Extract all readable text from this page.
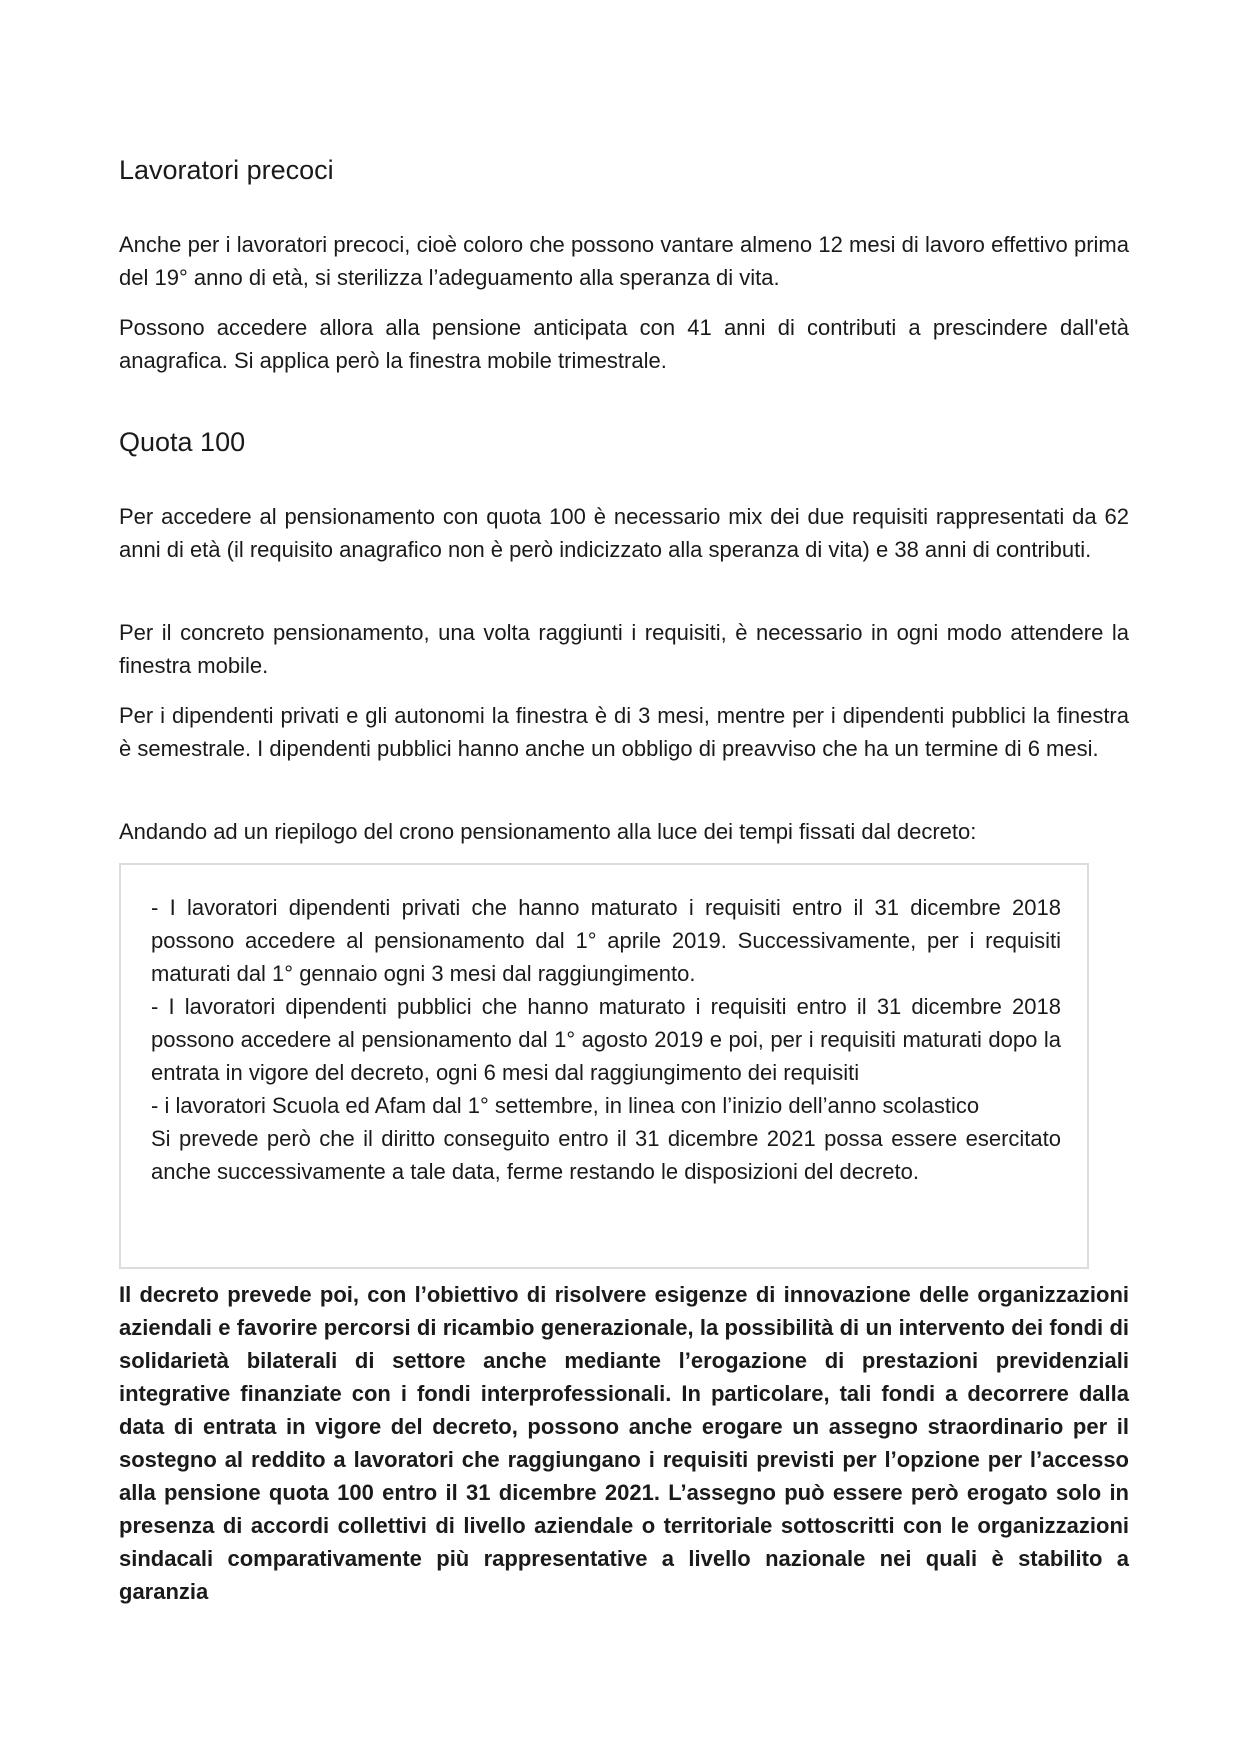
Lavoratori precoci

Anche per i lavoratori precoci, cioè coloro che possono vantare almeno 12 mesi di lavoro effettivo prima del 19° anno di età, si sterilizza l’adeguamento alla speranza di vita.

Possono accedere allora alla pensione anticipata con 41 anni di contributi a prescindere dall'età anagrafica. Si applica però la finestra mobile trimestrale.

Quota 100

Per accedere al pensionamento con quota 100 è necessario mix dei due requisiti rappresentati da 62 anni di età (il requisito anagrafico non è però indicizzato alla speranza di vita) e 38 anni di contributi.

Per il concreto pensionamento, una volta raggiunti i requisiti, è necessario in ogni modo attendere la finestra mobile.

Per i dipendenti privati e gli autonomi la finestra è di 3 mesi, mentre per i dipendenti pubblici la finestra è semestrale. I dipendenti pubblici hanno anche un obbligo di preavviso che ha un termine di 6 mesi.

Andando ad un riepilogo del crono pensionamento alla luce dei tempi fissati dal decreto:

- I lavoratori dipendenti privati che hanno maturato i requisiti entro il 31 dicembre 2018 possono accedere al pensionamento dal 1° aprile 2019. Successivamente, per i requisiti maturati dal 1° gennaio ogni 3 mesi dal raggiungimento.

- I lavoratori dipendenti pubblici che hanno maturato i requisiti entro il 31 dicembre 2018 possono accedere al pensionamento dal 1° agosto 2019 e poi, per i requisiti maturati dopo la entrata in vigore del decreto, ogni 6 mesi dal raggiungimento dei requisiti

- i lavoratori Scuola ed Afam dal 1° settembre, in linea con l’inizio dell’anno scolastico

Si prevede però che il diritto conseguito entro il 31 dicembre 2021 possa essere esercitato anche successivamente a tale data, ferme restando le disposizioni del decreto.

Il decreto prevede poi, con l’obiettivo di risolvere esigenze di innovazione delle organizzazioni aziendali e favorire percorsi di ricambio generazionale, la possibilità di un intervento dei fondi di solidarietà bilaterali di settore anche mediante l’erogazione di prestazioni previdenziali integrative finanziate con i fondi interprofessionali. In particolare, tali fondi a decorrere dalla data di entrata in vigore del decreto, possono anche erogare un assegno straordinario per il sostegno al reddito a lavoratori che raggiungano i requisiti previsti per l’opzione per l’accesso alla pensione quota 100 entro il 31 dicembre 2021. L’assegno può essere però erogato solo in presenza di accordi collettivi di livello aziendale o territoriale sottoscritti con le organizzazioni sindacali comparativamente più rappresentative a livello nazionale nei quali è stabilito a garanzia
